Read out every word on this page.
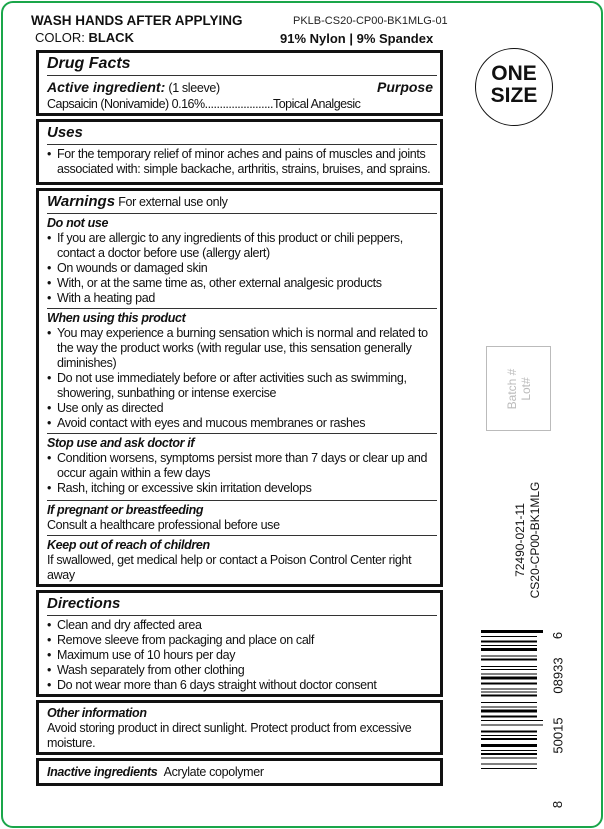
WASH HANDS AFTER APPLYING
COLOR: BLACK
PKLB-CS20-CP00-BK1MLG-01
91% Nylon | 9% Spandex
ONE
SIZE
Drug Facts
Active ingredient: (1 sleeve)	Purpose
Capsaicin (Nonivamide) 0.16%.......................Topical Analgesic
Uses
• For the temporary relief of minor aches and pains of muscles and joints associated with: simple backache, arthritis, strains, bruises, and sprains.
Warnings For external use only
Do not use
• If you are allergic to any ingredients of this product or chili peppers, contact a doctor before use (allergy alert)
• On wounds or damaged skin
• With, or at the same time as, other external analgesic products
• With a heating pad
When using this product
• You may experience a burning sensation which is normal and related to the way the product works (with regular use, this sensation generally diminishes)
• Do not use immediately before or after activities such as swimming, showering, sunbathing or intense exercise
• Use only as directed
• Avoid contact with eyes and mucous membranes or rashes
Stop use and ask doctor if
• Condition worsens, symptoms persist more than 7 days or clear up and occur again within a few days
• Rash, itching or excessive skin irritation develops
If pregnant or breastfeeding
Consult a healthcare professional before use
Keep out of reach of children
If swallowed, get medical help or contact a Poison Control Center right away
Directions
• Clean and dry affected area
• Remove sleeve from packaging and place on calf
• Maximum use of 10 hours per day
• Wash separately from other clothing
• Do not wear more than 6 days straight without doctor consent
Other information
Avoid storing product in direct sunlight. Protect product from excessive moisture.
Inactive ingredients Acrylate copolymer
Batch # Lot#
72490-021-11 CS20-CP00-BK1MLG
8
50015
08933
6
